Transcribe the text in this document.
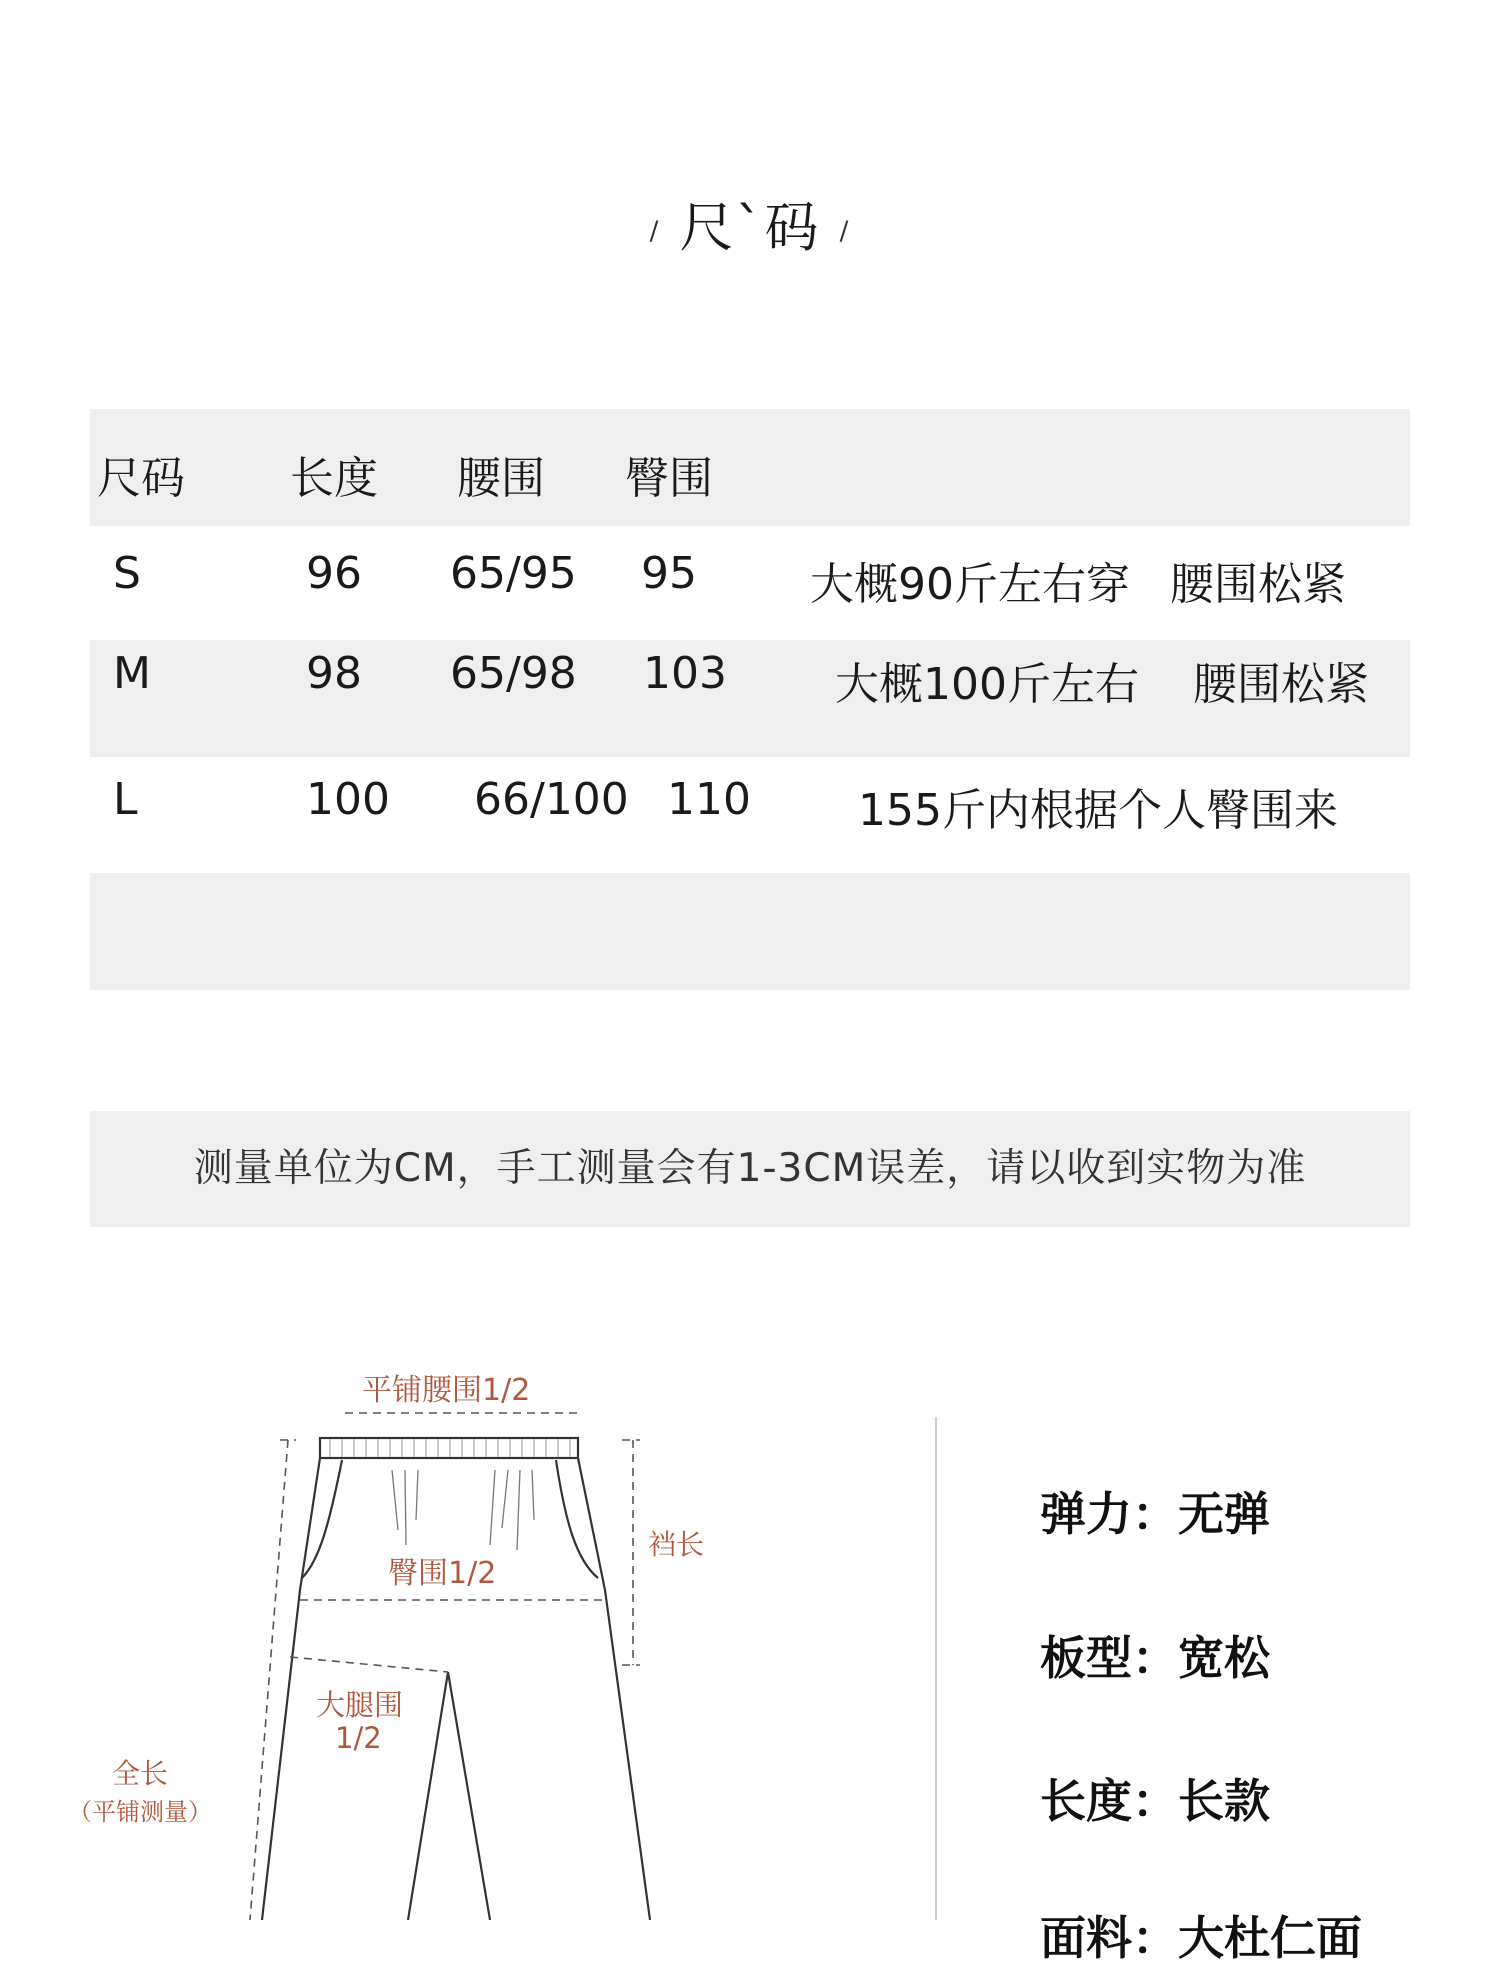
/ 尺`码 /
尺码 长度 腰围 臀围
S	96 65/95 95	大概90斤左右穿 腰围松紧
M	98 65/98 103 大概100斤左右 腰围松紧
L	100 66/100 110 155斤内根据个人臀围来
测量单位为CM，手工测量会有1-3CM误差，请以收到实物为准
平铺腰围1/2
臀围1/2
裆长
大腿围
1/2
全长
（平铺测量）
弹力：无弹
板型：宽松
长度：长款
面料：大杜仁面
